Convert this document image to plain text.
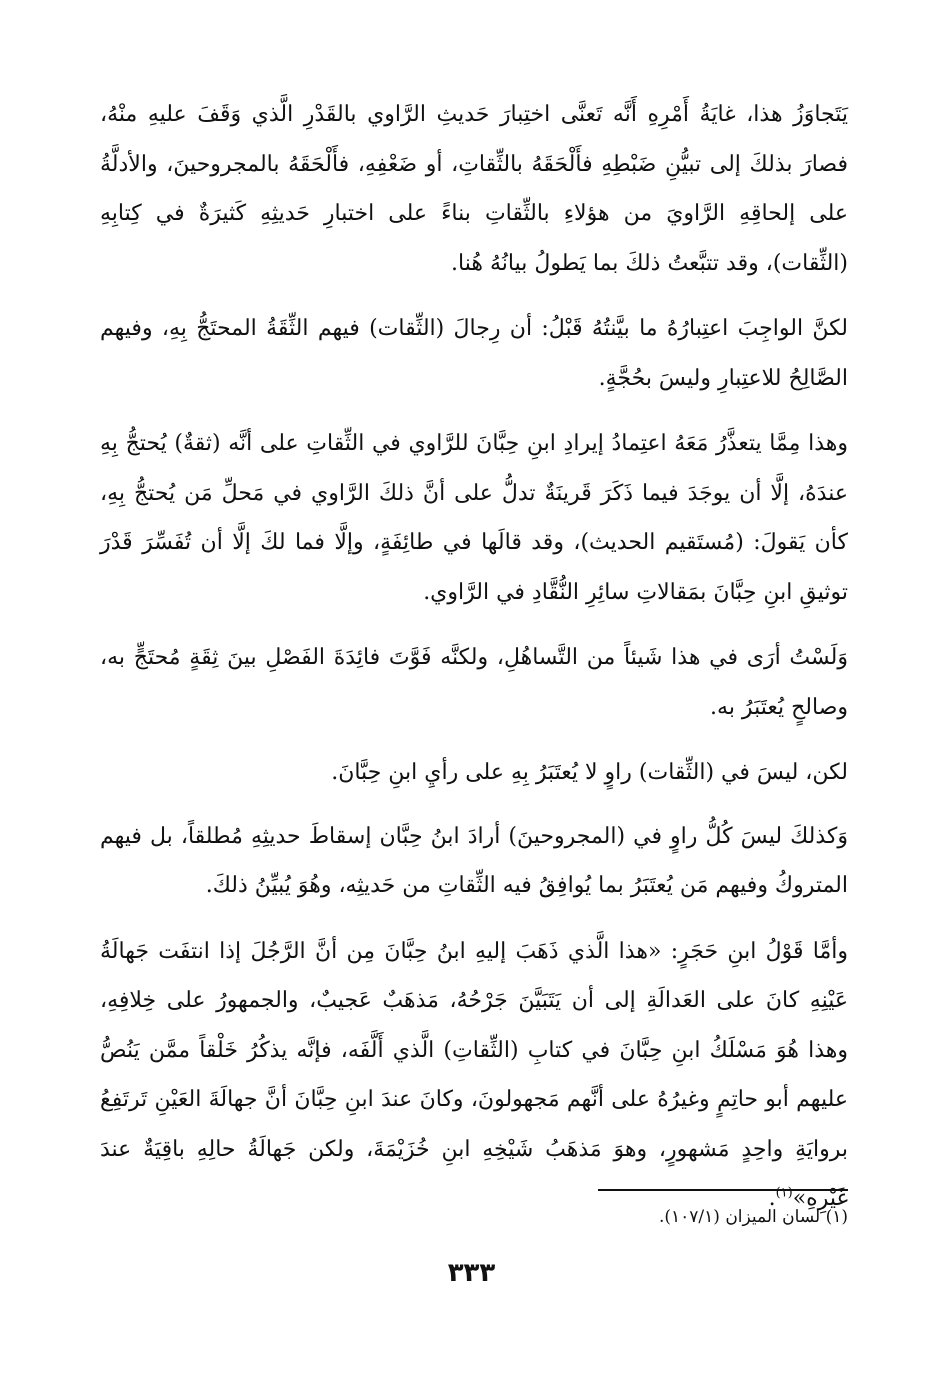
يَتَجاوَزُ هذا، غايَةُ أَمْرِهِ أَنَّه تَعنَّى اختِبارَ حَديثِ الرَّاوي بالقَدْرِ الَّذي وَقَفَ عليهِ منْهُ، فصارَ بذلكَ إلى تبيُّنِ ضَبْطِهِ فأَلْحَقَهُ بالثِّقاتِ، أو ضَعْفِهِ، فأَلْحَقَهُ بالمجروحينَ، والأدلَّةُ على إلحاقِهِ الرَّاويَ من هؤلاءِ بالثِّقاتِ بناءً على اختبارِ حَديثِهِ كَثيرَةٌ في كِتابِهِ (الثِّقات)، وقد تتبَّعتُ ذلكَ بما يَطولُ بيانُهُ هُنا.

لكنَّ الواجِبَ اعتِبارُهُ ما بيَّنتُهُ قَبْلُ: أن رِجالَ (الثِّقات) فيهم الثِّقَةُ المحتَجُّ بِهِ، وفيهم الصَّالِحُ للاعتِبارِ وليسَ بحُجَّةٍ.

وهذا مِمَّا يتعذَّرُ مَعَهُ اعتِمادُ إيرادِ ابنِ حِبَّانَ للرَّاوي في الثِّقاتِ على أنَّه (ثقةٌ) يُحتجُّ بِهِ عندَهُ، إلَّا أن يوجَدَ فيما ذَكَرَ قَرينَةٌ تدلُّ على أنَّ ذلكَ الرَّاوي في مَحلِّ مَن يُحتجُّ بِهِ، كأن يَقولَ: (مُستَقيم الحديث)، وقد قالَها في طائِفَةٍ، وإلَّا فما لكَ إلَّا أن تُفَسِّرَ قَدْرَ توثيقِ ابنِ حِبَّانَ بمَقالاتِ سائِرِ النُّقَّادِ في الرَّاوي.

وَلَسْتُ أرَى في هذا شَيئاً من التَّساهُلِ، ولكنَّه فَوَّتَ فائِدَةَ الفَصْلِ بينَ ثِقَةٍ مُحتَجٍّ به، وصالحٍ يُعتَبَرُ به.

لكن، ليسَ في (الثِّقات) راوٍ لا يُعتَبَرُ بِهِ على رأيِ ابنِ حِبَّانَ.

وَكذلكَ ليسَ كُلُّ راوٍ في (المجروحينَ) أرادَ ابنُ حِبَّان إسقاطَ حديثِهِ مُطلقاً، بل فيهم المتروكُ وفيهم مَن يُعتَبَرُ بما يُوافِقُ فيه الثِّقاتِ من حَديثِه، وهُوَ يُبيِّنُ ذلكَ.

وأمَّا قَوْلُ ابنِ حَجَرٍ: «هذا الَّذي ذَهَبَ إليهِ ابنُ حِبَّانَ مِن أنَّ الرَّجُلَ إذا انتفَت جَهالَةُ عَيْنِهِ كانَ على العَدالَةِ إلى أن يَتَبَيَّنَ جَرْحُهُ، مَذهَبٌ عَجيبٌ، والجمهورُ على خِلافِهِ، وهذا هُوَ مَسْلَكُ ابنِ حِبَّانَ في كتابِ (الثِّقاتِ) الَّذي أَلَّفَه، فإنَّه يذكُرُ خَلْقاً ممَّن يَنُصُّ عليهم أبو حاتِمٍ وغيرُهُ على أنَّهم مَجهولونَ، وكانَ عندَ ابنِ حِبَّانَ أنَّ جهالَةَ العَيْنِ تَرتَفِعُ بروايَةِ واحِدٍ مَشهورٍ، وهوَ مَذهَبُ شَيْخِهِ ابنِ خُزَيْمَةَ، ولكن جَهالَةُ حالِهِ باقِيَةٌ عندَ غَيْرِهِ»$^{(١)}$.

(١) لسان الميزان (١٠٧/١).
٣٣٣
